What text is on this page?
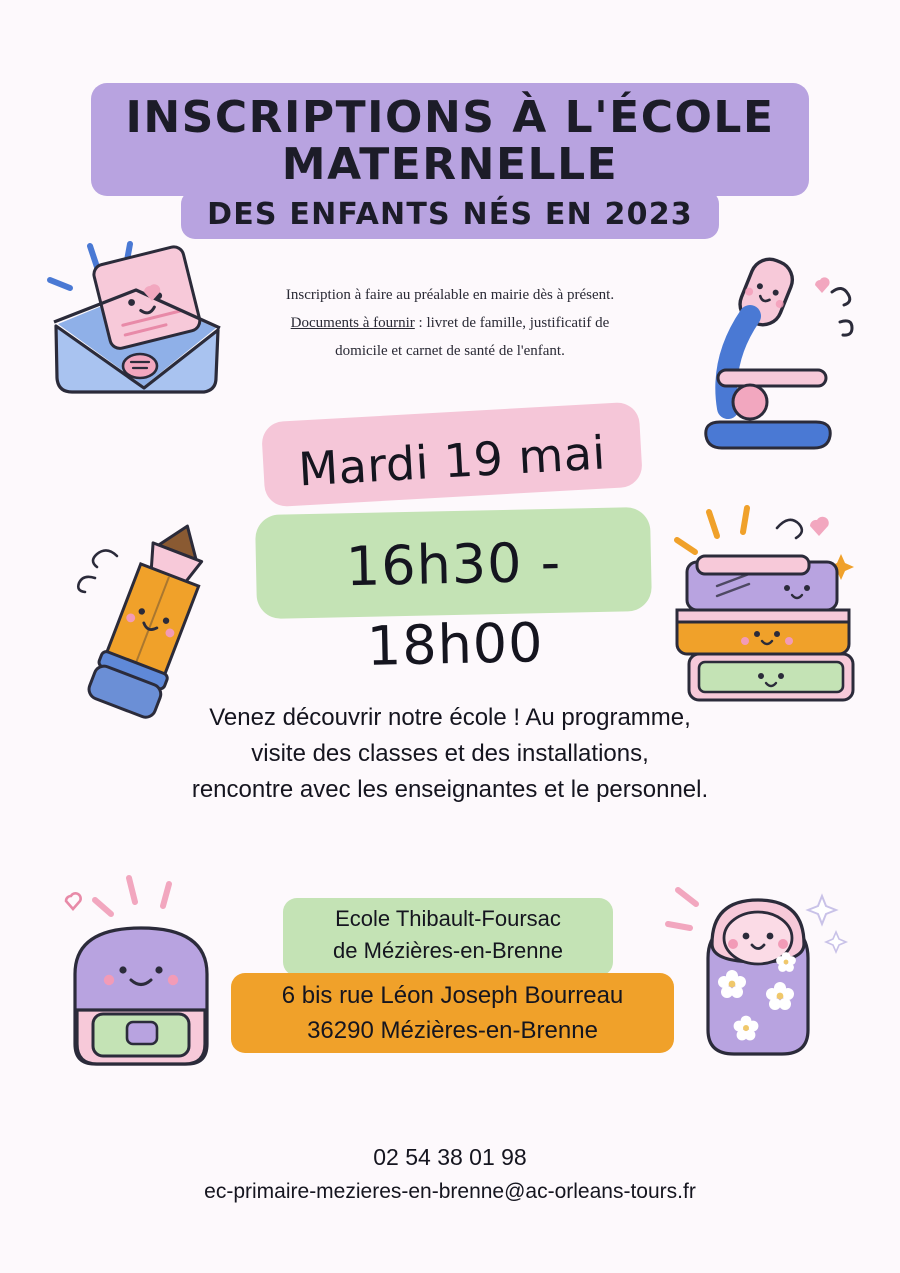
INSCRIPTIONS À L'ÉCOLE
MATERNELLE
DES ENFANTS NÉS EN 2023
Inscription à faire au préalable en mairie dès à présent.
Documents à fournir : livret de famille, justificatif de
domicile et carnet de santé de l'enfant.
Mardi 19 mai
16h30 - 18h00
Venez découvrir notre école ! Au programme,
visite des classes et des installations,
rencontre avec les enseignantes et le personnel.
Ecole Thibault-Foursac
de Mézières-en-Brenne
6 bis rue Léon Joseph Bourreau
36290 Mézières-en-Brenne
02 54 38 01 98
ec-primaire-mezieres-en-brenne@ac-orleans-tours.fr
